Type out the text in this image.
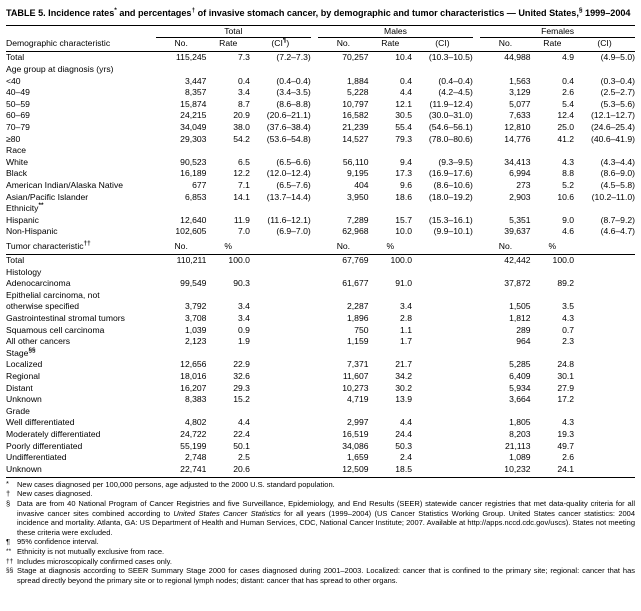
TABLE 5. Incidence rates* and percentages† of invasive stomach cancer, by demographic and tumor characteristics — United States,§ 1999–2004

	Total				Males				Females		
Demographic characteristic	No.	Rate	(CI¶)		No.	Rate	(CI)		No.	Rate	(CI)

Total	115,245	7.3	(7.2–7.3)		70,257	10.4	(10.3–10.5)		44,988	4.9	(4.9–5.0)
Age group at diagnosis (yrs)											
<40	3,447	0.4	(0.4–0.4)		1,884	0.4	(0.4–0.4)		1,563	0.4	(0.3–0.4)
40–49	8,357	3.4	(3.4–3.5)		5,228	4.4	(4.2–4.5)		3,129	2.6	(2.5–2.7)
50–59	15,874	8.7	(8.6–8.8)		10,797	12.1	(11.9–12.4)		5,077	5.4	(5.3–5.6)
60–69	24,215	20.9	(20.6–21.1)		16,582	30.5	(30.0–31.0)		7,633	12.4	(12.1–12.7)
70–79	34,049	38.0	(37.6–38.4)		21,239	55.4	(54.6–56.1)		12,810	25.0	(24.6–25.4)
≥80	29,303	54.2	(53.6–54.8)		14,527	79.3	(78.0–80.6)		14,776	41.2	(40.6–41.9)
Race											
White	90,523	6.5	(6.5–6.6)		56,110	9.4	(9.3–9.5)		34,413	4.3	(4.3–4.4)
Black	16,189	12.2	(12.0–12.4)		9,195	17.3	(16.9–17.6)		6,994	8.8	(8.6–9.0)
American Indian/Alaska Native	677	7.1	(6.5–7.6)		404	9.6	(8.6–10.6)		273	5.2	(4.5–5.8)
Asian/Pacific Islander	6,853	14.1	(13.7–14.4)		3,950	18.6	(18.0–19.2)		2,903	10.6	(10.2–11.0)
Ethnicity**											
Hispanic	12,640	11.9	(11.6–12.1)		7,289	15.7	(15.3–16.1)		5,351	9.0	(8.7–9.2)
Non-Hispanic	102,605	7.0	(6.9–7.0)		62,968	10.0	(9.9–10.1)		39,637	4.6	(4.6–4.7)

Tumor characteristic††	No.	%			No.	%			No.	%	

Total	110,211	100.0			67,769	100.0			42,442	100.0	
Histology											
Adenocarcinoma	99,549	90.3			61,677	91.0			37,872	89.2	
Epithelial carcinoma, not											
otherwise specified	3,792	3.4			2,287	3.4			1,505	3.5	
Gastrointestinal stromal tumors	3,708	3.4			1,896	2.8			1,812	4.3	
Squamous cell carcinoma	1,039	0.9			750	1.1			289	0.7	
All other cancers	2,123	1.9			1,159	1.7			964	2.3	
Stage§§											
Localized	12,656	22.9			7,371	21.7			5,285	24.8	
Regional	18,016	32.6			11,607	34.2			6,409	30.1	
Distant	16,207	29.3			10,273	30.2			5,934	27.9	
Unknown	8,383	15.2			4,719	13.9			3,664	17.2	
Grade											
Well differentiated	4,802	4.4			2,997	4.4			1,805	4.3	
Moderately differentiated	24,722	22.4			16,519	24.4			8,203	19.3	
Poorly differentiated	55,199	50.1			34,086	50.3			21,113	49.7	
Undifferentiated	2,748	2.5			1,659	2.4			1,089	2.6	
Unknown	22,741	20.6			12,509	18.5			10,232	24.1	

*	New cases diagnosed per 100,000 persons, age adjusted to the 2000 U.S. standard population.
† New cases diagnosed.
§ Data are from 40 National Program of Cancer Registries and five Surveillance, Epidemiology, and End Results (SEER) statewide cancer registries that met data-quality criteria for all invasive cancer sites combined according to United States Cancer Statistics for all years (1999–2004) (US Cancer Statistics Working Group. United States cancer statistics: 2004 incidence and mortality. Atlanta, GA: US Department of Health and Human Services, CDC, National Cancer Institute; 2007. Available at http://apps.nccd.cdc.gov/uscs). States not meeting these criteria were excluded.
¶ 95% confidence interval.
** Ethnicity is not mutually exclusive from race.
†† Includes microscopically confirmed cases only.
§§ Stage at diagnosis according to SEER Summary Stage 2000 for cases diagnosed during 2001–2003. Localized: cancer that is confined to the primary site; regional: cancer that has spread directly beyond the primary site or to regional lymph nodes; distant: cancer that has spread to other organs.
